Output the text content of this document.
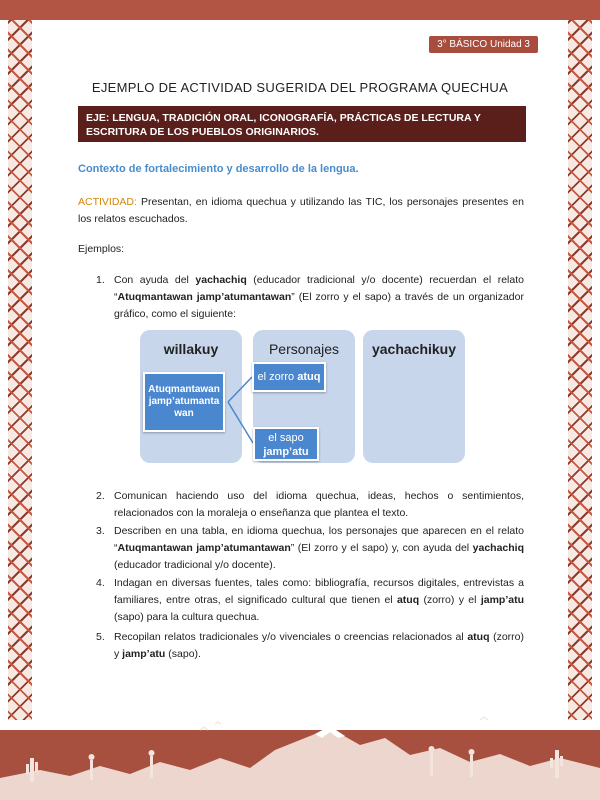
3° BÁSICO Unidad 3
EJEMPLO DE ACTIVIDAD SUGERIDA DEL PROGRAMA QUECHUA
EJE: LENGUA, TRADICIÓN ORAL, ICONOGRAFÍA, PRÁCTICAS DE LECTURA Y ESCRITURA DE LOS PUEBLOS ORIGINARIOS.
Contexto de fortalecimiento y desarrollo de la lengua.
ACTIVIDAD: Presentan, en idioma quechua y utilizando las TIC, los personajes presentes en los relatos escuchados.
Ejemplos:
1. Con ayuda del yachachiq (educador tradicional y/o docente) recuerdan el relato “Atuqmantawan jamp’atumantawan” (El zorro y el sapo) a través de un organizador gráfico, como el siguiente:
willakuy	Personajes	yachachikuy
Atuqmantawan jamp’atumanta wan
el zorro atuq
el sapo
jamp’atu
2. Comunican haciendo uso del idioma quechua, ideas, hechos o sentimientos, relacionados con la moraleja o enseñanza que plantea el texto.
3. Describen en una tabla, en idioma quechua, los personajes que aparecen en el relato “Atuqmantawan jamp’atumantawan” (El zorro y el sapo) y, con ayuda del yachachiq (educador tradicional y/o docente).
4. Indagan en diversas fuentes, tales como: bibliografía, recursos digitales, entrevistas a familiares, entre otras, el significado cultural que tienen el atuq (zorro) y el jamp’atu (sapo) para la cultura quechua.
5. Recopilan relatos tradicionales y/o vivenciales o creencias relacionados al atuq (zorro) y jamp’atu (sapo).
